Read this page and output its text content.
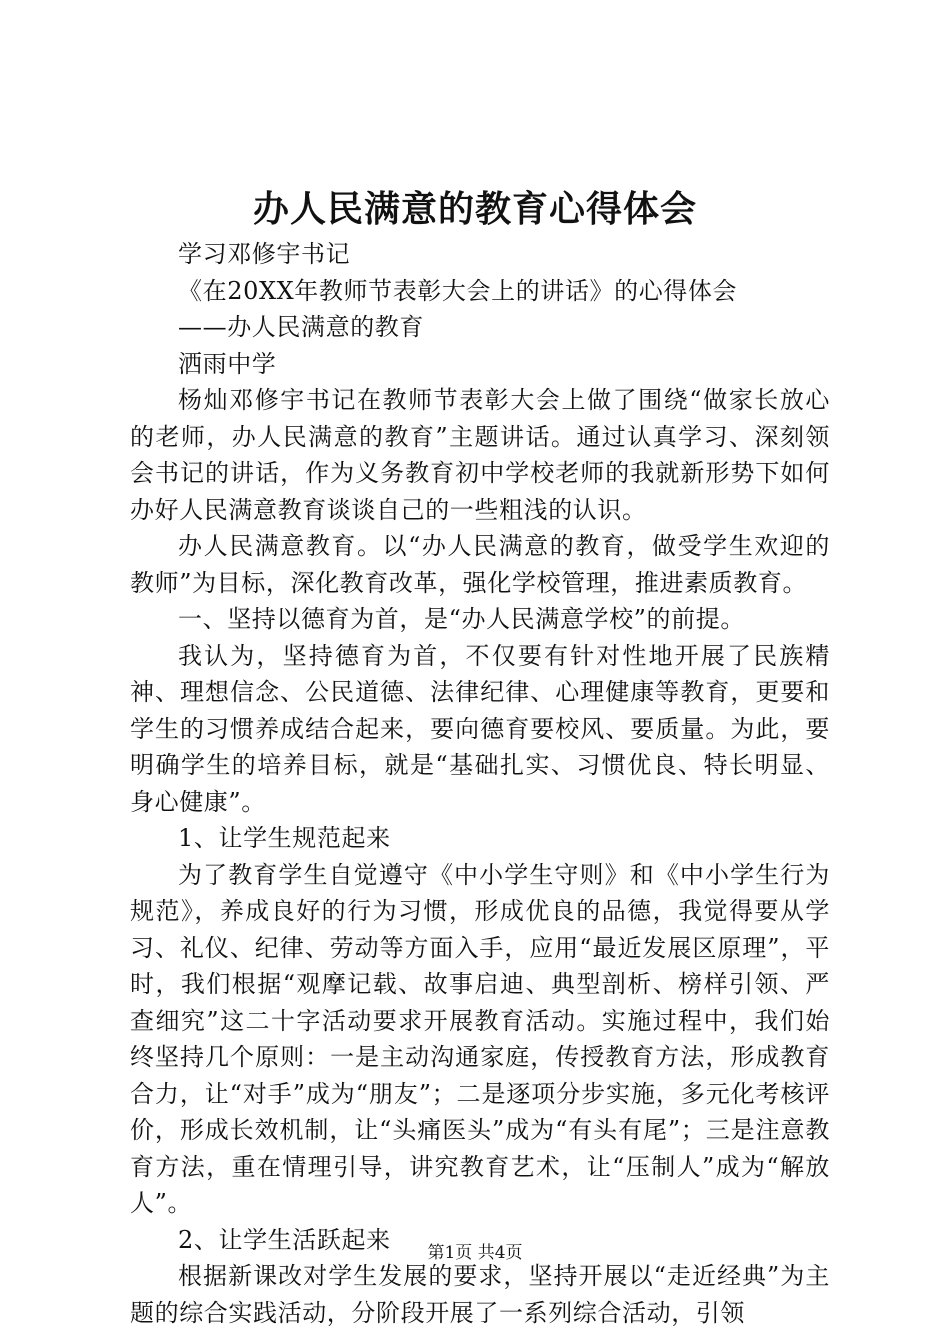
办人民满意的教育心得体会

学习邓修宇书记

《在20XX年教师节表彰大会上的讲话》的心得体会

——办人民满意的教育

洒雨中学

杨灿邓修宇书记在教师节表彰大会上做了围绕“做家长放心的老师，办人民满意的教育”主题讲话。通过认真学习、深刻领会书记的讲话，作为义务教育初中学校老师的我就新形势下如何办好人民满意教育谈谈自己的一些粗浅的认识。

办人民满意教育。以“办人民满意的教育，做受学生欢迎的教师”为目标，深化教育改革，强化学校管理，推进素质教育。

一、坚持以德育为首，是“办人民满意学校”的前提。

我认为，坚持德育为首，不仅要有针对性地开展了民族精神、理想信念、公民道德、法律纪律、心理健康等教育，更要和学生的习惯养成结合起来，要向德育要校风、要质量。为此，要明确学生的培养目标，就是“基础扎实、习惯优良、特长明显、身心健康”。

1、让学生规范起来

为了教育学生自觉遵守《中小学生守则》和《中小学生行为规范》，养成良好的行为习惯，形成优良的品德，我觉得要从学习、礼仪、纪律、劳动等方面入手，应用“最近发展区原理”，平时，我们根据“观摩记载、故事启迪、典型剖析、榜样引领、严查细究”这二十字活动要求开展教育活动。实施过程中，我们始终坚持几个原则：一是主动沟通家庭，传授教育方法，形成教育合力，让“对手”成为“朋友”；二是逐项分步实施，多元化考核评价，形成长效机制，让“头痛医头”成为“有头有尾”；三是注意教育方法，重在情理引导，讲究教育艺术，让“压制人”成为“解放人”。

2、让学生活跃起来

根据新课改对学生发展的要求，坚持开展以“走近经典”为主题的综合实践活动，分阶段开展了一系列综合活动，引领

第1页 共4页
